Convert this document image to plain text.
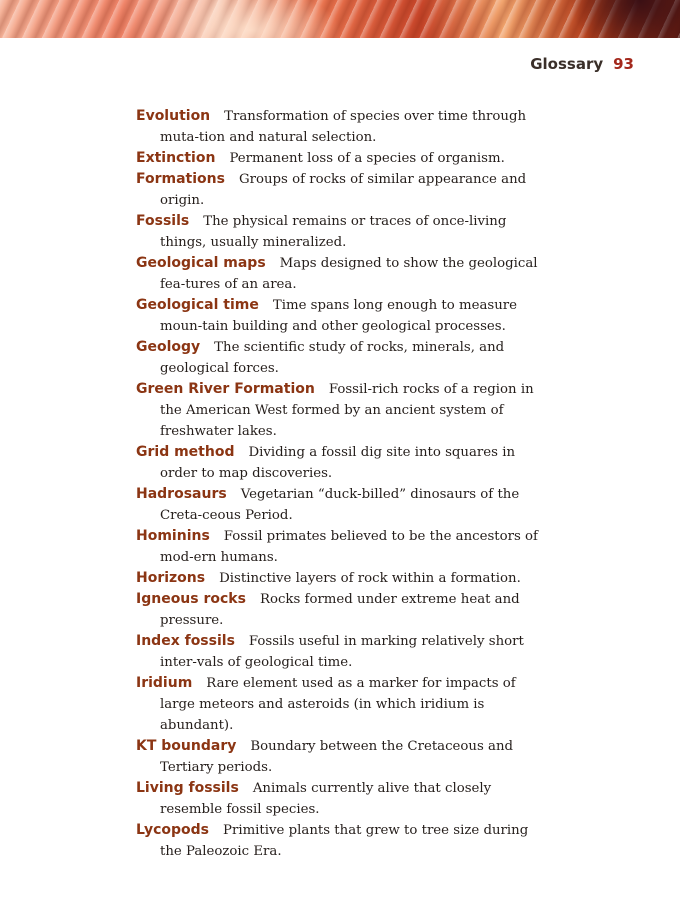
Glossary 93
Evolution Transformation of species over time through muta-tion and natural selection.
Extinction Permanent loss of a species of organism.
Formations Groups of rocks of similar appearance and origin.
Fossils The physical remains or traces of once-living things, usually mineralized.
Geological maps Maps designed to show the geological fea-tures of an area.
Geological time Time spans long enough to measure moun-tain building and other geological processes.
Geology The scientific study of rocks, minerals, and geological forces.
Green River Formation Fossil-rich rocks of a region in the American West formed by an ancient system of freshwater lakes.
Grid method Dividing a fossil dig site into squares in order to map discoveries.
Hadrosaurs Vegetarian “duck-billed” dinosaurs of the Creta-ceous Period.
Hominins Fossil primates believed to be the ancestors of mod-ern humans.
Horizons Distinctive layers of rock within a formation.
Igneous rocks Rocks formed under extreme heat and pressure.
Index fossils Fossils useful in marking relatively short inter-vals of geological time.
Iridium Rare element used as a marker for impacts of large meteors and asteroids (in which iridium is abundant).
KT boundary Boundary between the Cretaceous and Tertiary periods.
Living fossils Animals currently alive that closely resemble fossil species.
Lycopods Primitive plants that grew to tree size during the Paleozoic Era.
